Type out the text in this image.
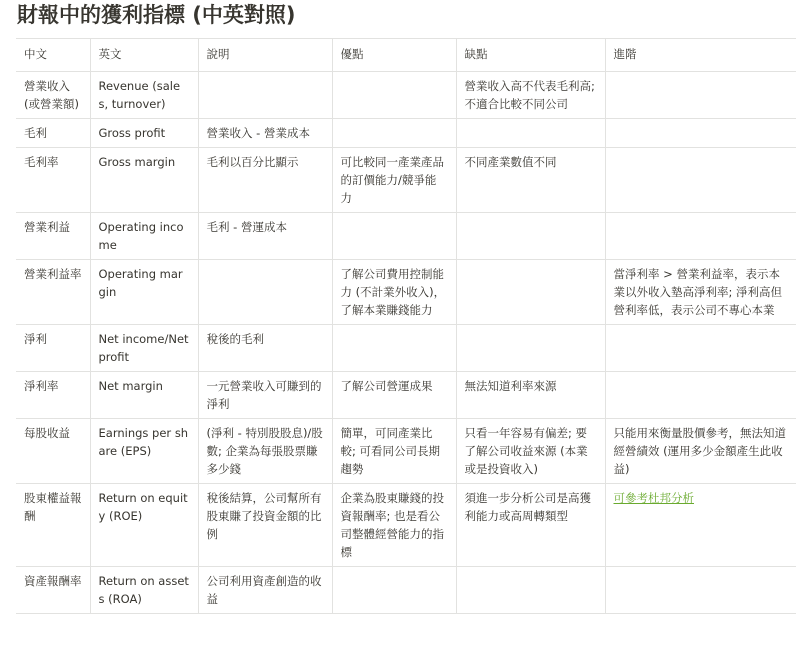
財報中的獲利指標 (中英對照)
中文	英文	說明	優點	缺點	進階
營業收入 (或營業額)	Revenue (sales, turnover)			營業收入高不代表毛利高; 不適合比較不同公司	
毛利	Gross profit	營業收入 - 營業成本			
毛利率	Gross margin	毛利以百分比顯示	可比較同一產業產品的訂價能力/競爭能力	不同產業數值不同	
營業利益	Operating income	毛利 - 營運成本			
營業利益率	Operating margin		了解公司費用控制能力 (不計業外收入)，了解本業賺錢能力		當淨利率 > 營業利益率，表示本業以外收入墊高淨利率; 淨利高但營利率低，表示公司不專心本業
淨利	Net income/Net profit	稅後的毛利			
淨利率	Net margin	一元營業收入可賺到的淨利	了解公司營運成果	無法知道利率來源	
每股收益	Earnings per share (EPS)	(淨利 - 特別股股息)/股數; 企業為每張股票賺多少錢	簡單，可同產業比較; 可看同公司長期趨勢	只看一年容易有偏差; 要了解公司收益來源 (本業或是投資收入)	只能用來衡量股價參考，無法知道經營績效 (運用多少金額產生此收益)
股東權益報酬	Return on equity (ROE)	稅後結算，公司幫所有股東賺了投資金額的比例	企業為股東賺錢的投資報酬率; 也是看公司整體經營能力的指標	須進一步分析公司是高獲利能力或高周轉類型	可參考杜邦分析
資產報酬率	Return on assets (ROA)	公司利用資產創造的收益			
